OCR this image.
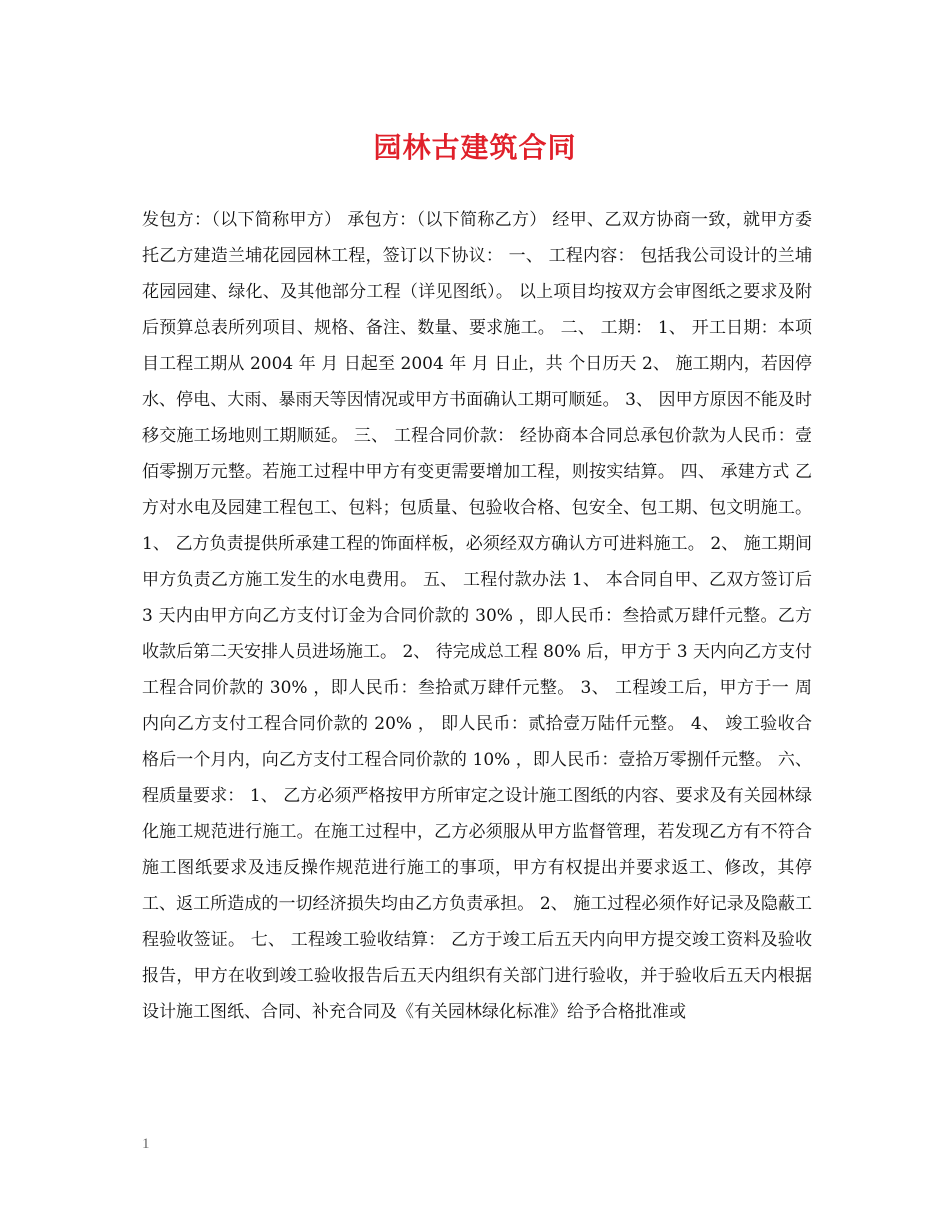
园林古建筑合同
发包方：（以下简称甲方） 承包方：（以下简称乙方） 经甲、乙双方协商一致，就甲方委托乙方建造兰埔花园园林工程，签订以下协议： 一、 工程内容： 包括我公司设计的兰埔花园园建、绿化、及其他部分工程（详见图纸）。 以上项目均按双方会审图纸之要求及附后预算总表所列项目、规格、备注、数量、要求施工。 二、 工期： 1、 开工日期：本项目工程工期从 2004 年 月 日起至 2004 年 月 日止，共 个日历天 2、 施工期内，若因停水、停电、大雨、暴雨天等因情况或甲方书面确认工期可顺延。 3、 因甲方原因不能及时移交施工场地则工期顺延。 三、 工程合同价款： 经协商本合同总承包价款为人民币：壹佰零捌万元整。若施工过程中甲方有变更需要增加工程，则按实结算。 四、 承建方式 乙方对水电及园建工程包工、包料；包质量、包验收合格、包安全、包工期、包文明施工。 1、 乙方负责提供所承建工程的饰面样板，必须经双方确认方可进料施工。 2、 施工期间甲方负责乙方施工发生的水电费用。 五、 工程付款办法 1、 本合同自甲、乙双方签订后 3 天内由甲方向乙方支付订金为合同价款的 30% ，即人民币：叁拾贰万肆仟元整。乙方收款后第二天安排人员进场施工。 2、 待完成总工程 80% 后，甲方于 3 天内向乙方支付工程合同价款的 30% ，即人民币：叁拾贰万肆仟元整。 3、 工程竣工后，甲方于一 周 内向乙方支付工程合同价款的 20% ， 即人民币：贰拾壹万陆仟元整。 4、 竣工验收合格后一个月内，向乙方支付工程合同价款的 10% ，即人民币：壹拾万零捌仟元整。 六、 程质量要求： 1、 乙方必须严格按甲方所审定之设计施工图纸的内容、要求及有关园林绿化施工规范进行施工。在施工过程中，乙方必须服从甲方监督管理，若发现乙方有不符合施工图纸要求及违反操作规范进行施工的事项，甲方有权提出并要求返工、修改，其停工、返工所造成的一切经济损失均由乙方负责承担。 2、 施工过程必须作好记录及隐蔽工程验收签证。 七、 工程竣工验收结算： 乙方于竣工后五天内向甲方提交竣工资料及验收报告，甲方在收到竣工验收报告后五天内组织有关部门进行验收，并于验收后五天内根据设计施工图纸、合同、补充合同及《有关园林绿化标准》给予合格批准或
1
